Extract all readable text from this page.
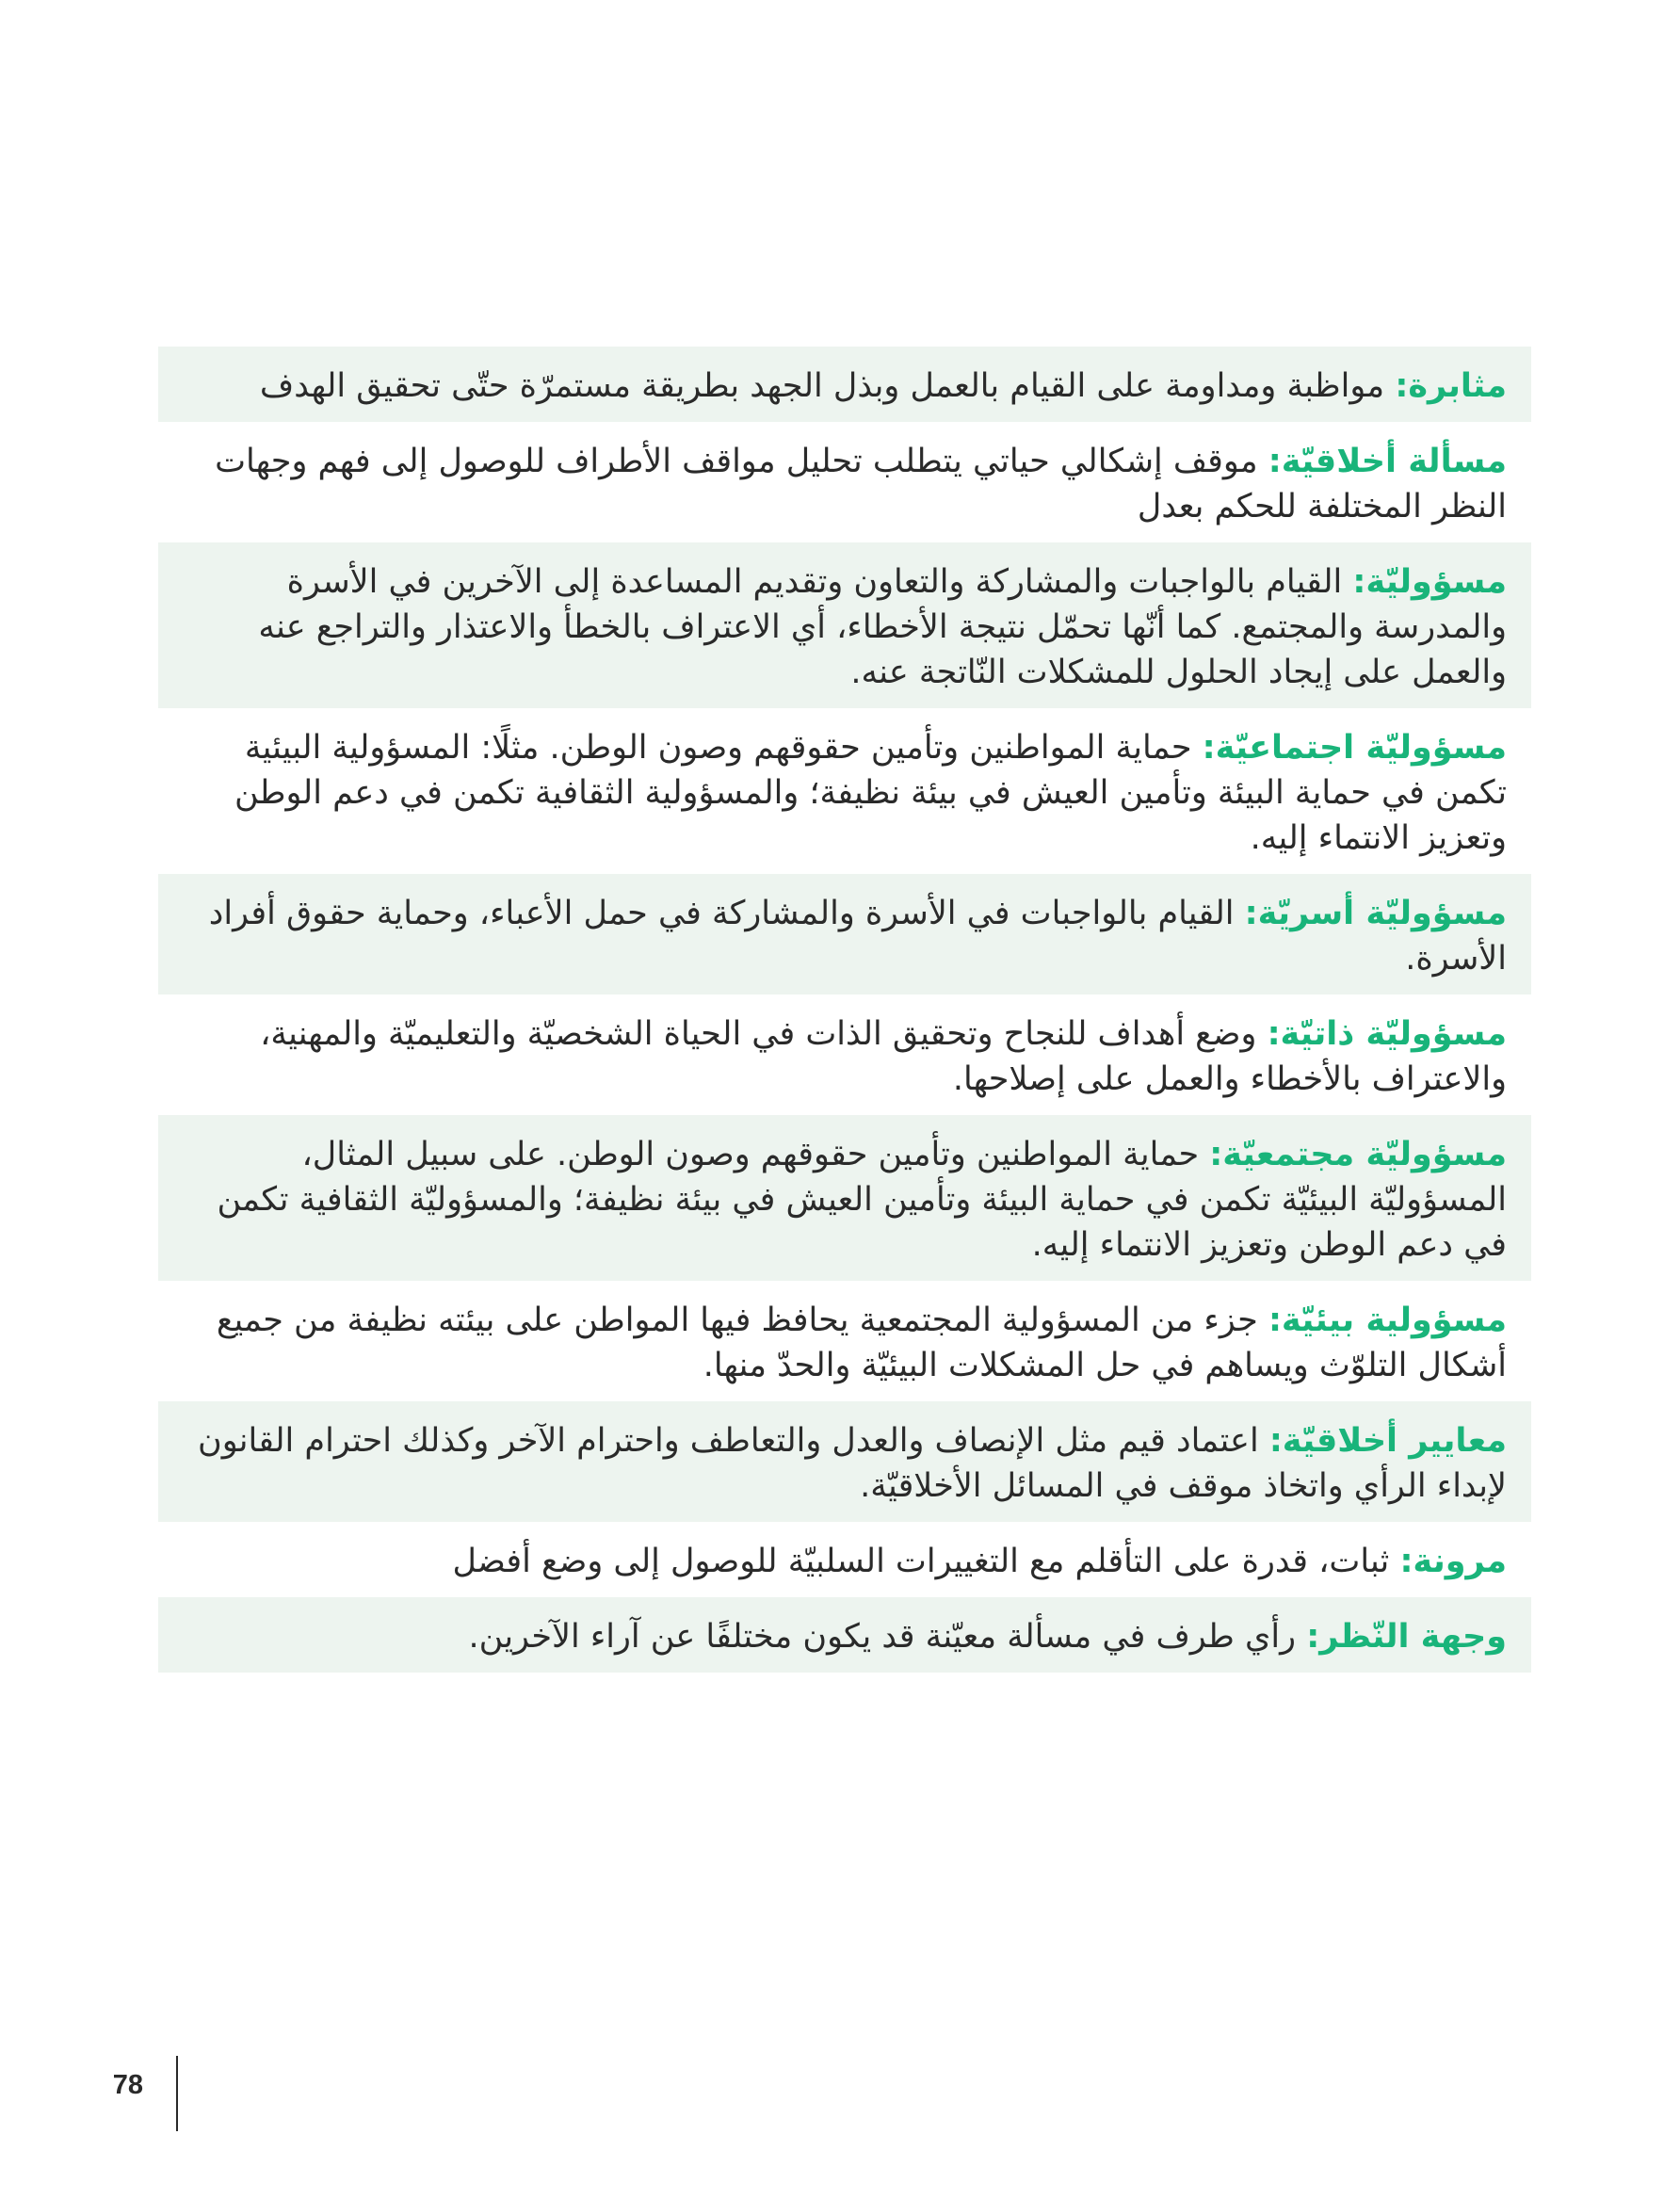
مثابرة: مواظبة ومداومة على القيام بالعمل وبذل الجهد بطريقة مستمرّة حتّى تحقيق الهدف
مسألة أخلاقيّة: موقف إشكالي حياتي يتطلب تحليل مواقف الأطراف للوصول إلى فهم وجهات النظر المختلفة للحكم بعدل
مسؤوليّة: القيام بالواجبات والمشاركة والتعاون وتقديم المساعدة إلى الآخرين في الأسرة والمدرسة والمجتمع. كما أنّها تحمّل نتيجة الأخطاء، أي الاعتراف بالخطأ والاعتذار والتراجع عنه والعمل على إيجاد الحلول للمشكلات النّاتجة عنه.
مسؤوليّة اجتماعيّة: حماية المواطنين وتأمين حقوقهم وصون الوطن. مثلًا: المسؤولية البيئية تكمن في حماية البيئة وتأمين العيش في بيئة نظيفة؛ والمسؤولية الثقافية تكمن في دعم الوطن وتعزيز الانتماء إليه.
مسؤوليّة أسريّة: القيام بالواجبات في الأسرة والمشاركة في حمل الأعباء، وحماية حقوق أفراد الأسرة.
مسؤوليّة ذاتيّة: وضع أهداف للنجاح وتحقيق الذات في الحياة الشخصيّة والتعليميّة والمهنية، والاعتراف بالأخطاء والعمل على إصلاحها.
مسؤوليّة مجتمعيّة: حماية المواطنين وتأمين حقوقهم وصون الوطن. على سبيل المثال، المسؤوليّة البيئيّة تكمن في حماية البيئة وتأمين العيش في بيئة نظيفة؛ والمسؤوليّة الثقافية تكمن في دعم الوطن وتعزيز الانتماء إليه.
مسؤولية بيئيّة: جزء من المسؤولية المجتمعية يحافظ فيها المواطن على بيئته نظيفة من جميع أشكال التلوّث ويساهم في حل المشكلات البيئيّة والحدّ منها.
معايير أخلاقيّة: اعتماد قيم مثل الإنصاف والعدل والتعاطف واحترام الآخر وكذلك احترام القانون لإبداء الرأي واتخاذ موقف في المسائل الأخلاقيّة.
مرونة: ثبات، قدرة على التأقلم مع التغييرات السلبيّة للوصول إلى وضع أفضل
وجهة النّظر: رأي طرف في مسألة معيّنة قد يكون مختلفًا عن آراء الآخرين.
78
